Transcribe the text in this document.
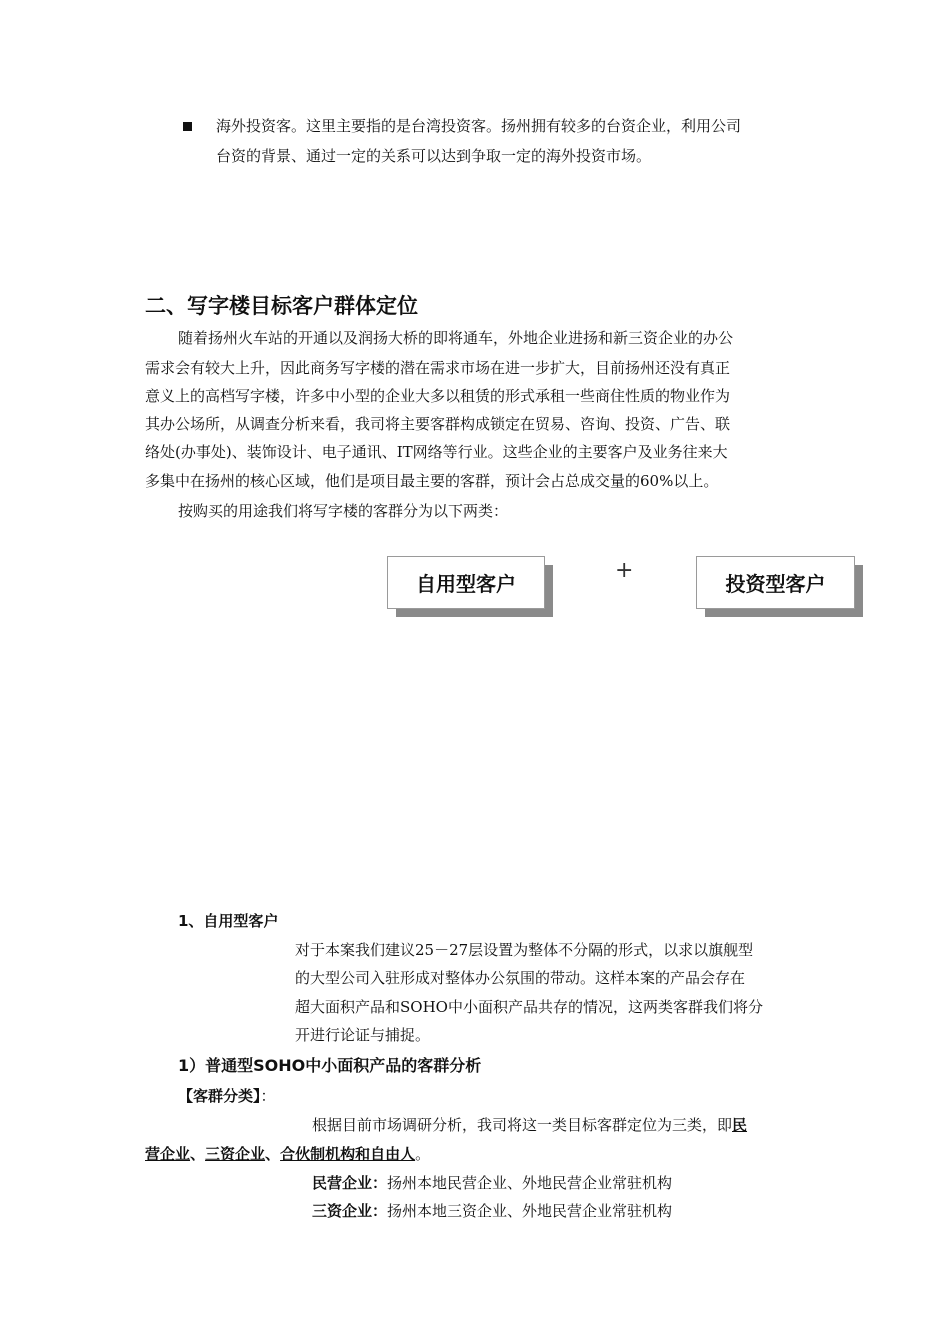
海外投资客。这里主要指的是台湾投资客。扬州拥有较多的台资企业，利用公司
台资的背景、通过一定的关系可以达到争取一定的海外投资市场。
二、写字楼目标客户群体定位
随着扬州火车站的开通以及润扬大桥的即将通车，外地企业进扬和新三资企业的办公
需求会有较大上升，因此商务写字楼的潜在需求市场在进一步扩大，目前扬州还没有真正
意义上的高档写字楼，许多中小型的企业大多以租赁的形式承租一些商住性质的物业作为
其办公场所，从调查分析来看，我司将主要客群构成锁定在贸易、咨询、投资、广告、联
络处(办事处)、装饰设计、电子通讯、IT网络等行业。这些企业的主要客户及业务往来大
多集中在扬州的核心区域，他们是项目最主要的客群，预计会占总成交量的60%以上。
按购买的用途我们将写字楼的客群分为以下两类：
自用型客户
+
投资型客户
1、自用型客户
对于本案我们建议25－27层设置为整体不分隔的形式，以求以旗舰型
的大型公司入驻形成对整体办公氛围的带动。这样本案的产品会存在
超大面积产品和SOHO中小面积产品共存的情况，这两类客群我们将分
开进行论证与捕捉。
1）普通型SOHO中小面积产品的客群分析
【客群分类】：
根据目前市场调研分析，我司将这一类目标客群定位为三类，即民
营企业、三资企业、合伙制机构和自由人。
民营企业：扬州本地民营企业、外地民营企业常驻机构
三资企业：扬州本地三资企业、外地民营企业常驻机构
